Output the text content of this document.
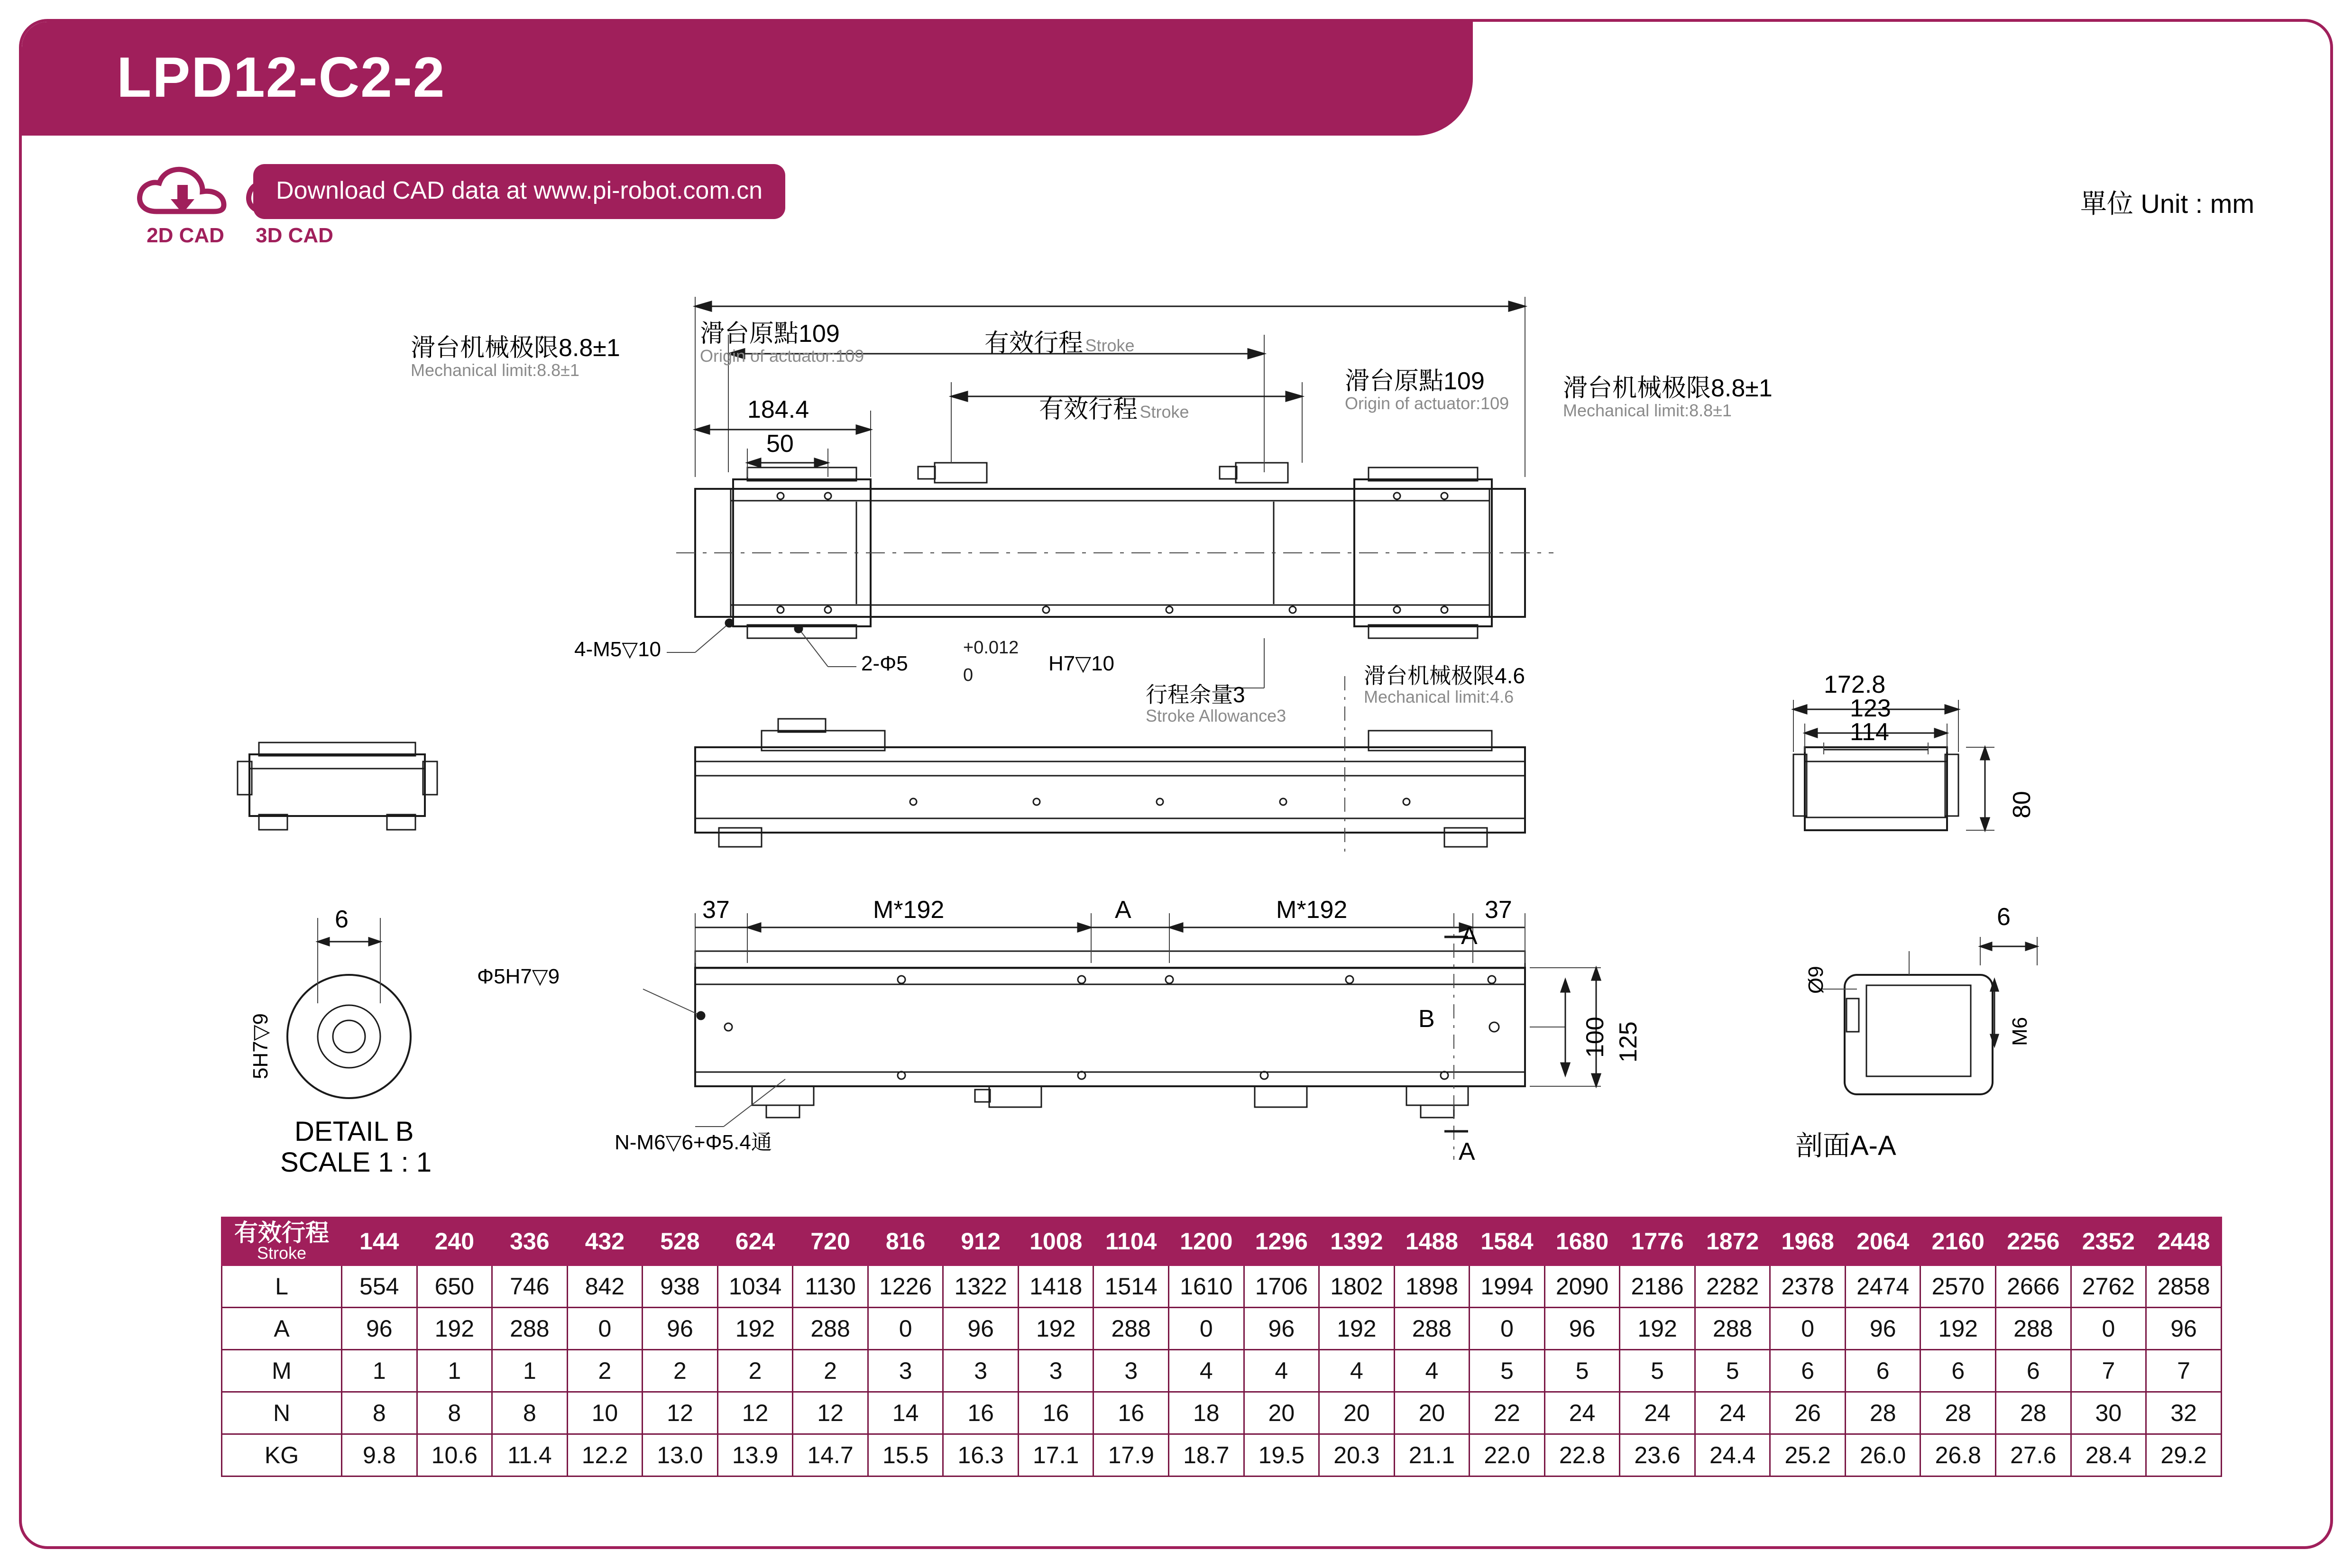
LPD12-C2-2
2D CAD	3D CAD
Download CAD data at www.pi-robot.com.cn	單位 Unit : mm
滑台机械极限8.8±1
Mechanical limit:8.8±1
滑台原點109
Origin of actuator:109	有效行程 Stroke
有效行程 Stroke
滑台原點109
Origin of actuator:109
滑台机械极限8.8±1
Mechanical limit:8.8±1
184.4
50
4-M5▽10
2-Φ5
+0.012
0	H7▽10
行程余量3
Stroke Allowance3
滑台机械极限4.6
Mechanical limit:4.6	172.8
123
114
80
6
5H7▽9
DETAIL B
SCALE 1 : 1
Φ5H7▽9
37	M*192	A	M*192
A
37
100 125
B
A
N-M6▽6+Φ5.4通	剖面A-A
Ø9
6
M6
有效行程
Stroke	144	240	336	432	528	624	720	816	912	1008	1104	1200	1296	1392	1488	1584	1680	1776	1872	1968	2064	2160	2256	2352	2448
L	554	650	746	842	938	1034	1130	1226	1322	1418	1514	1610	1706	1802	1898	1994	2090	2186	2282	2378	2474	2570	2666	2762	2858
A	96	192	288	0	96	192	288	0	96	192	288	0	96	192	288	0	96	192	288	0	96	192	288	0	96
M	1	1	1	2	2	2	2	3	3	3	3	4	4	4	4	5	5	5	5	6	6	6	6	7	7
N	8	8	8	10	12	12	12	14	16	16	16	18	20	20	20	22	24	24	24	26	28	28	28	30	32
KG	9.8	10.6	11.4	12.2	13.0	13.9	14.7	15.5	16.3	17.1	17.9	18.7	19.5	20.3	21.1	22.0	22.8	23.6	24.4	25.2	26.0	26.8	27.6	28.4	29.2
